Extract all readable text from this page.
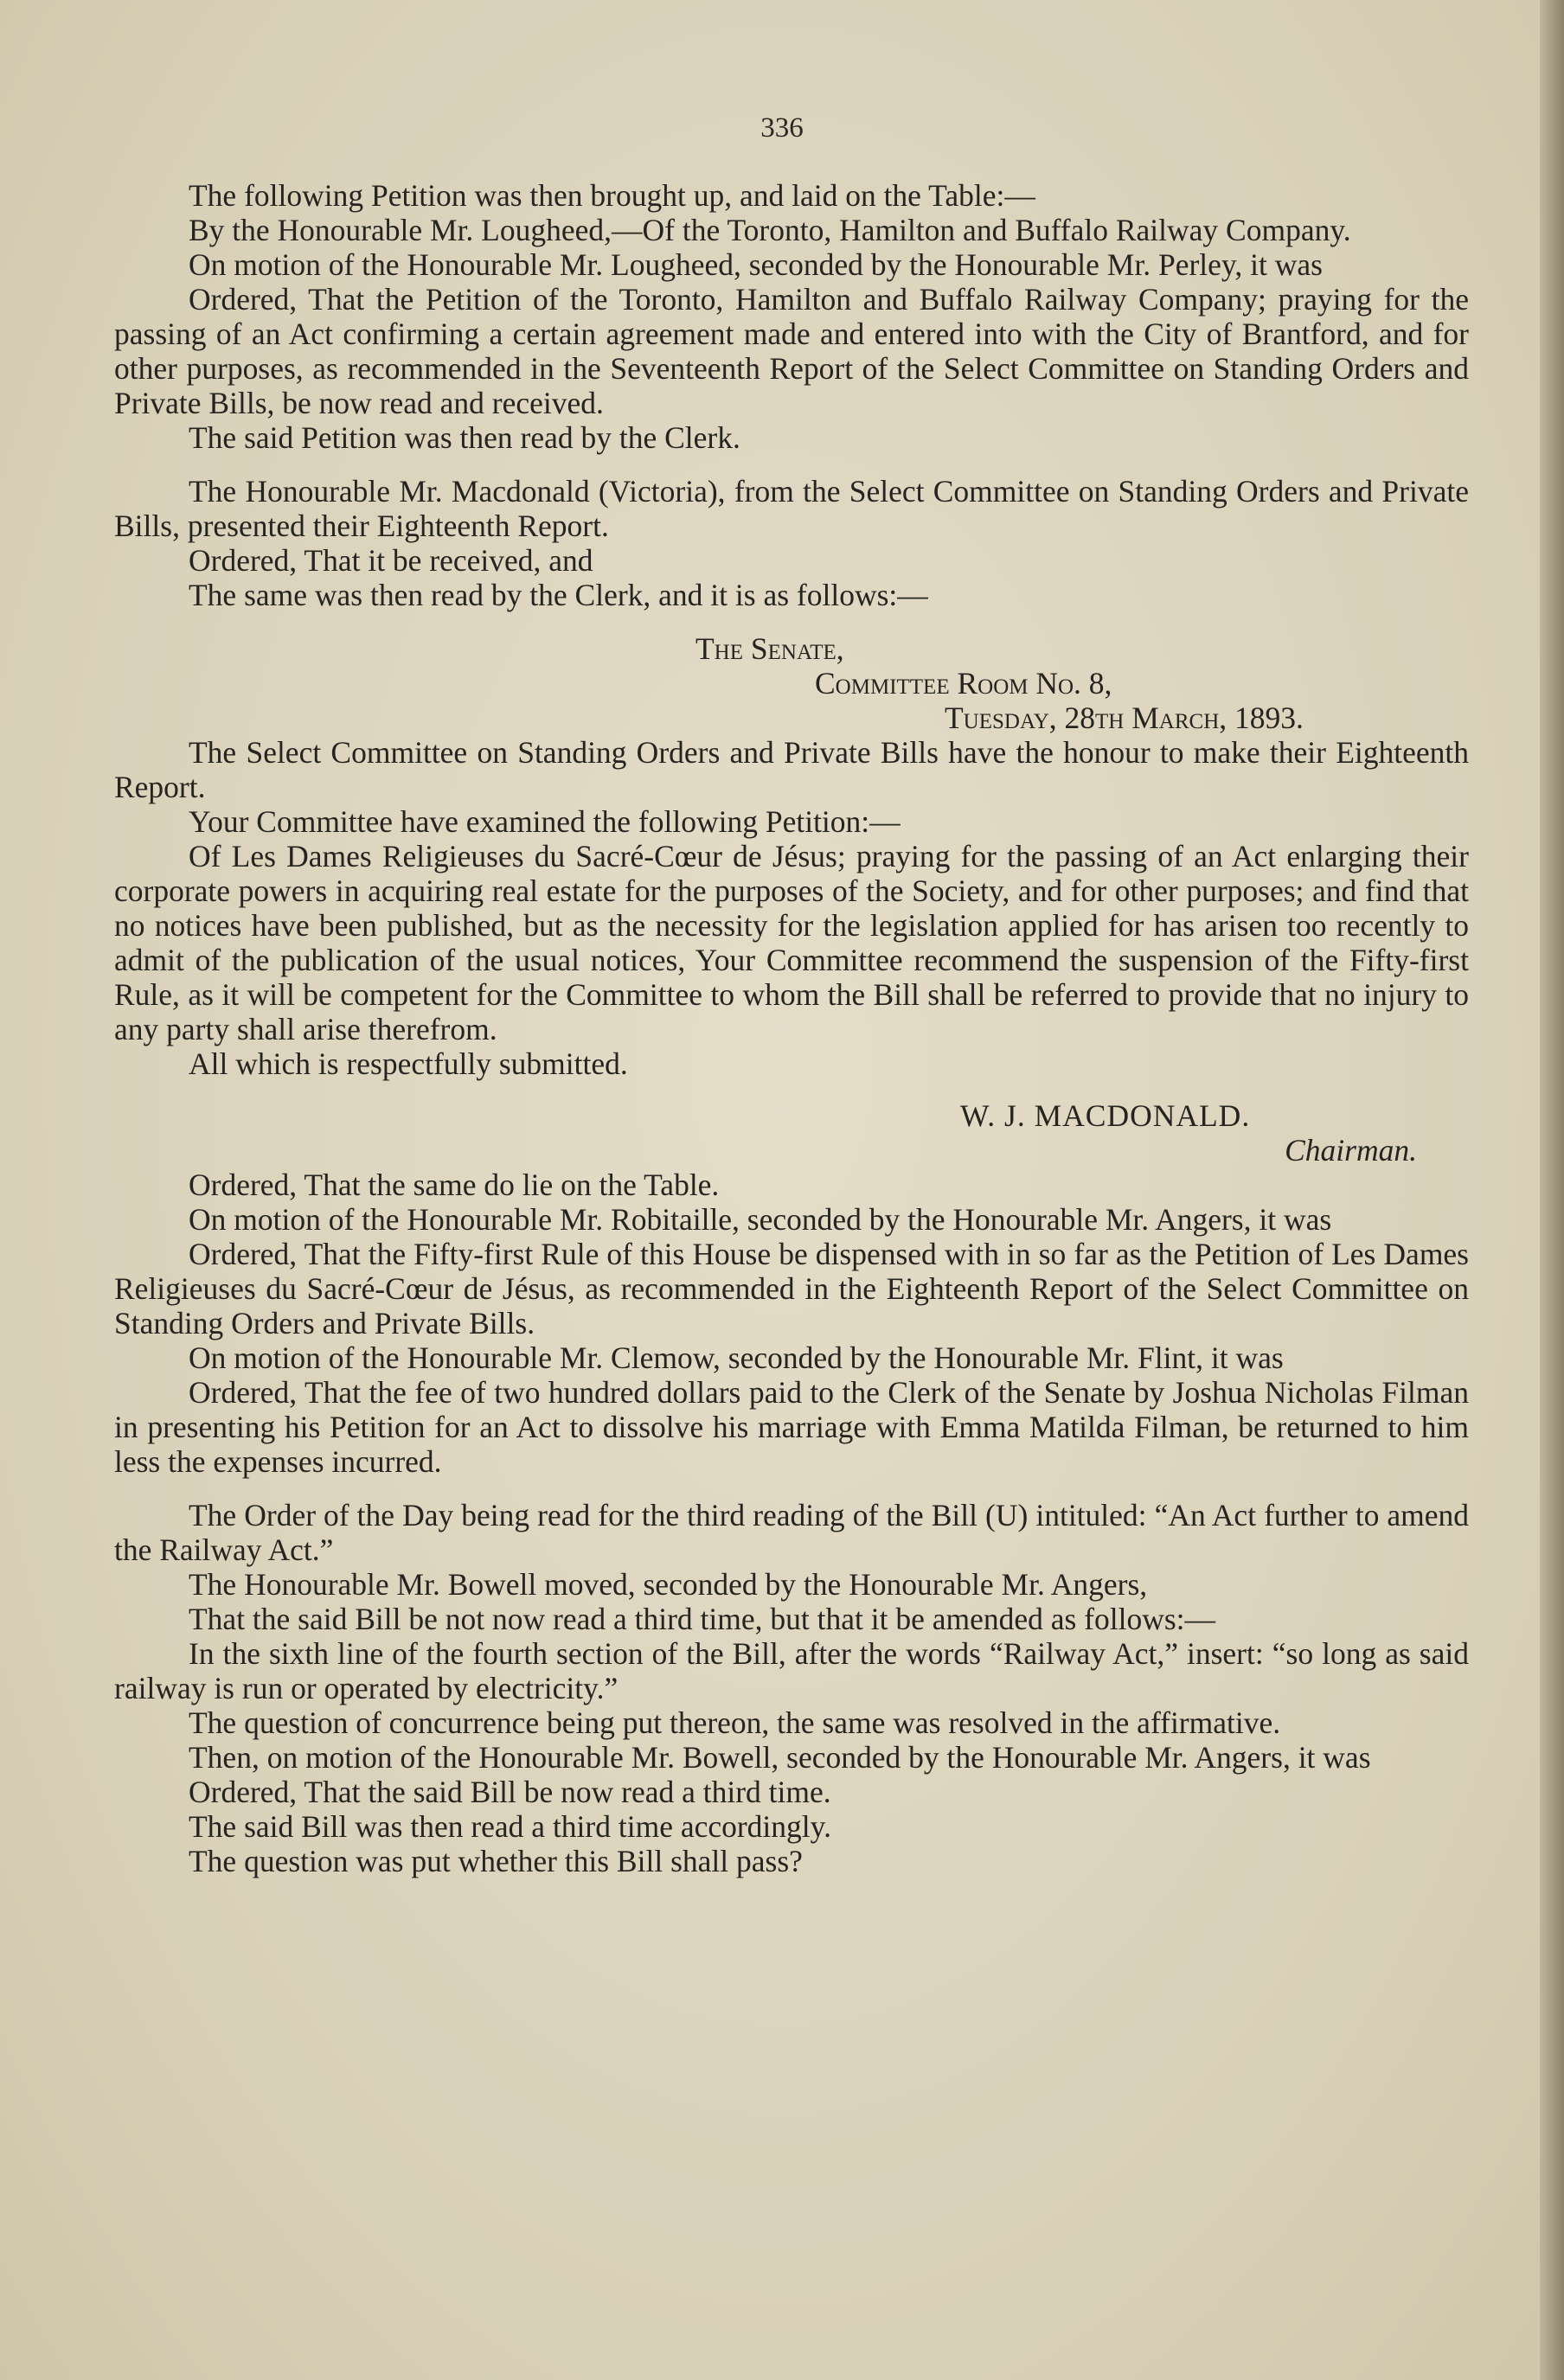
336

The following Petition was then brought up, and laid on the Table:—

By the Honourable Mr. Lougheed,—Of the Toronto, Hamilton and Buffalo Railway Company.

On motion of the Honourable Mr. Lougheed, seconded by the Honourable Mr. Perley, it was

Ordered, That the Petition of the Toronto, Hamilton and Buffalo Railway Company; praying for the passing of an Act confirming a certain agreement made and entered into with the City of Brantford, and for other purposes, as recommended in the Seventeenth Report of the Select Committee on Standing Orders and Private Bills, be now read and received.

The said Petition was then read by the Clerk.

The Honourable Mr. Macdonald (Victoria), from the Select Committee on Standing Orders and Private Bills, presented their Eighteenth Report.

Ordered, That it be received, and

The same was then read by the Clerk, and it is as follows:—

The Senate,

Committee Room No. 8,

Tuesday, 28th March, 1893.

The Select Committee on Standing Orders and Private Bills have the honour to make their Eighteenth Report.

Your Committee have examined the following Petition:—

Of Les Dames Religieuses du Sacré-Cœur de Jésus; praying for the passing of an Act enlarging their corporate powers in acquiring real estate for the purposes of the Society, and for other purposes; and find that no notices have been published, but as the necessity for the legislation applied for has arisen too recently to admit of the publication of the usual notices, Your Committee recommend the suspension of the Fifty-first Rule, as it will be competent for the Committee to whom the Bill shall be referred to provide that no injury to any party shall arise therefrom.

All which is respectfully submitted.

W. J. MACDONALD.

Chairman.

Ordered, That the same do lie on the Table.

On motion of the Honourable Mr. Robitaille, seconded by the Honourable Mr. Angers, it was

Ordered, That the Fifty-first Rule of this House be dispensed with in so far as the Petition of Les Dames Religieuses du Sacré-Cœur de Jésus, as recommended in the Eighteenth Report of the Select Committee on Standing Orders and Private Bills.

On motion of the Honourable Mr. Clemow, seconded by the Honourable Mr. Flint, it was

Ordered, That the fee of two hundred dollars paid to the Clerk of the Senate by Joshua Nicholas Filman in presenting his Petition for an Act to dissolve his marriage with Emma Matilda Filman, be returned to him less the expenses incurred.

The Order of the Day being read for the third reading of the Bill (U) intituled: “An Act further to amend the Railway Act.”

The Honourable Mr. Bowell moved, seconded by the Honourable Mr. Angers,

That the said Bill be not now read a third time, but that it be amended as follows:—

In the sixth line of the fourth section of the Bill, after the words “Railway Act,” insert: “so long as said railway is run or operated by electricity.”

The question of concurrence being put thereon, the same was resolved in the affirmative.

Then, on motion of the Honourable Mr. Bowell, seconded by the Honourable Mr. Angers, it was

Ordered, That the said Bill be now read a third time.

The said Bill was then read a third time accordingly.

The question was put whether this Bill shall pass?
